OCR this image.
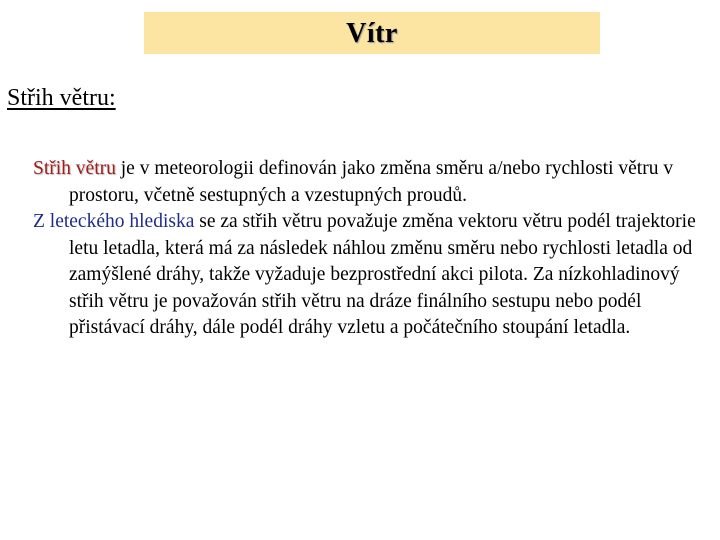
Vítr
Střih větru:

Střih větru je v meteorologii definován jako změna směru a/nebo rychlosti větru v prostoru, včetně sestupných a vzestupných proudů.

Z leteckého hlediska se za střih větru považuje změna vektoru větru podél trajektorie letu letadla, která má za následek náhlou změnu směru nebo rychlosti letadla od zamýšlené dráhy, takže vyžaduje bezprostřední akci pilota. Za nízkohladinový střih větru je považován střih větru na dráze finálního sestupu nebo podél přistávací dráhy, dále podél dráhy vzletu a počátečního stoupání letadla.
